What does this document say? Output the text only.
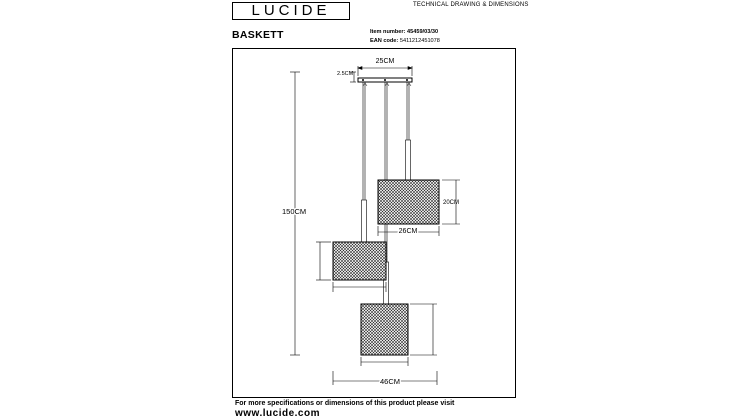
LUCIDE	TECHNICAL DRAWING & DIMENSIONS
BASKETT	Item number: 45459/03/30
EAN code: 5411212451078
25CM
2.5CM
20CM
26CM
46CM
150CM
For more specifications or dimensions of this product please visit
www.lucide.com
